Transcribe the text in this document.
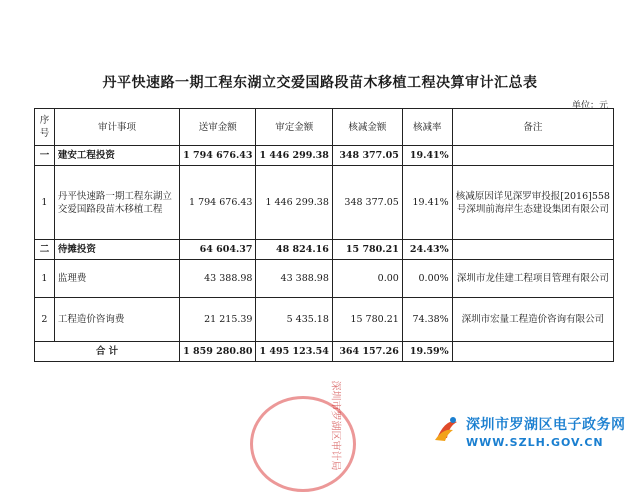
丹平快速路一期工程东湖立交爱国路段苗木移植工程决算审计汇总表
单位：元
序号	审计事项	送审金额	审定金额	核减金额	核减率	备注
一	建安工程投资	1 794 676.43	1 446 299.38	348 377.05	19.41%	
1	丹平快速路一期工程东湖立交爱国路段苗木移植工程	1 794 676.43	1 446 299.38	348 377.05	19.41%	核减原因详见深罗审投报[2016]558号深圳前海岸生态建设集团有限公司
二	待摊投资	64 604.37	48 824.16	15 780.21	24.43%	
1	监理费	43 388.98	43 388.98	0.00	0.00%	深圳市龙佳建工程项目管理有限公司
2	工程造价咨询费	21 215.39	5 435.18	15 780.21	74.38%	深圳市宏量工程造价咨询有限公司
合 计		1 859 280.80	1 495 123.54	364 157.26	19.59%	
深圳市罗湖区审计局	深圳市罗湖区电子政务网
WWW.SZLH.GOV.CN
